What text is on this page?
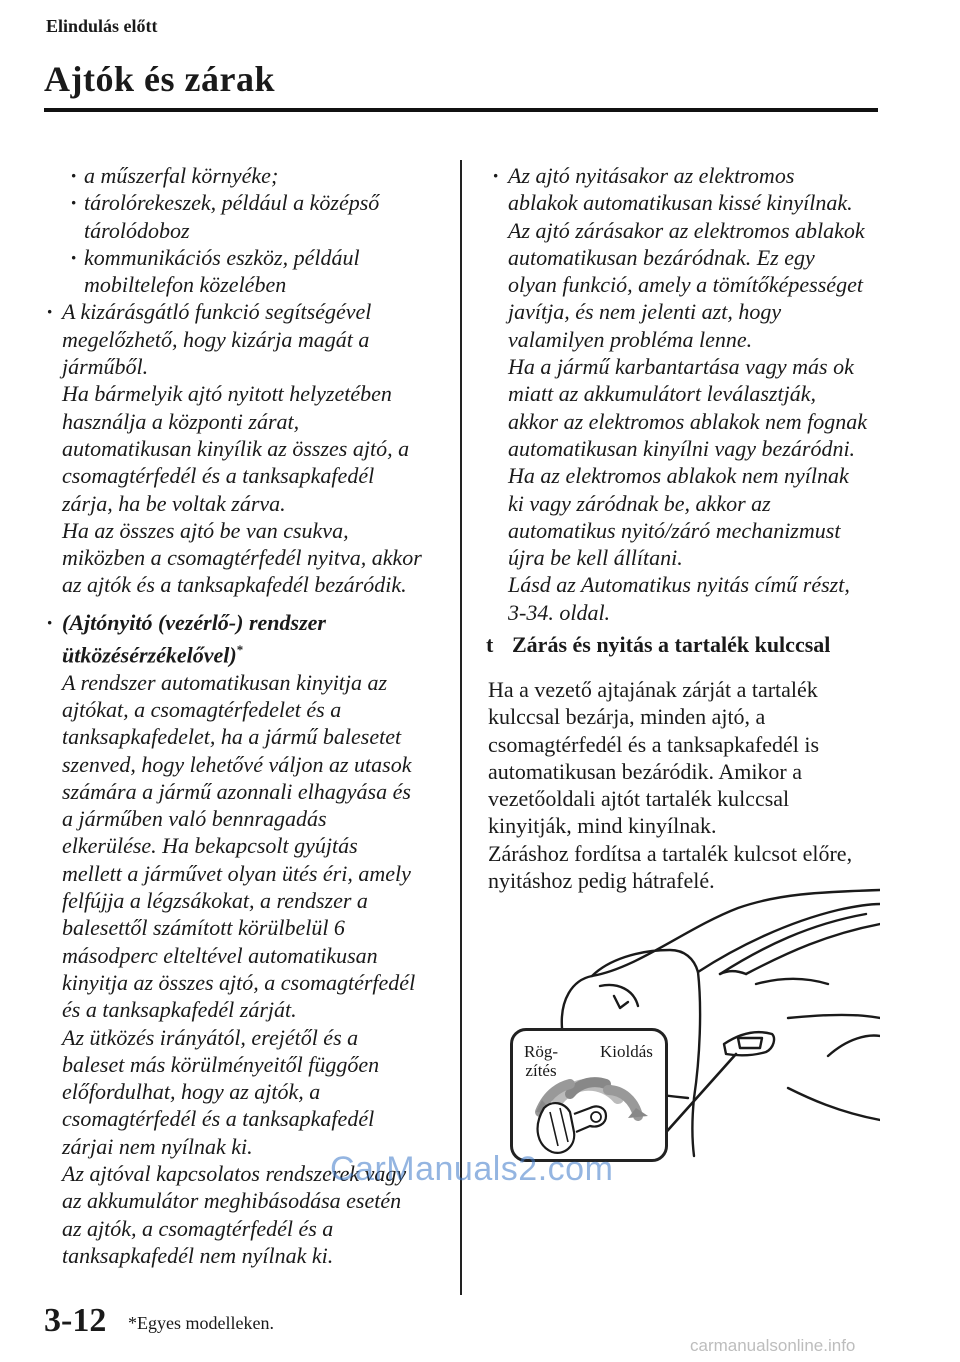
Elindulás előtt
Ajtók és zárak

· a műszerfal környéke;

· tárolórekeszek, például a középső

tárolódoboz

· kommunikációs eszköz, például

mobiltelefon közelében

· A kizárásgátló funkció segítségével

megelőzhető, hogy kizárja magát a

járműből.

Ha bármelyik ajtó nyitott helyzetében

használja a központi zárat,

automatikusan kinyílik az összes ajtó, a

csomagtérfedél és a tanksapkafedél

zárja, ha be voltak zárva.

Ha az összes ajtó be van csukva,

miközben a csomagtérfedél nyitva, akkor

az ajtók és a tanksapkafedél bezáródik.

· (Ajtónyitó (vezérlő-) rendszer

ütközésérzékelővel)*

A rendszer automatikusan kinyitja az

ajtókat, a csomagtérfedelet és a

tanksapkafedelet, ha a jármű balesetet

szenved, hogy lehetővé váljon az utasok

számára a jármű azonnali elhagyása és

a járműben való bennragadás

elkerülése. Ha bekapcsolt gyújtás

mellett a járművet olyan ütés éri, amely

felfújja a légzsákokat, a rendszer a

balesettől számított körülbelül 6

másodperc elteltével automatikusan

kinyitja az összes ajtó, a csomagtérfedél

és a tanksapkafedél zárját.

Az ütközés irányától, erejétől és a

baleset más körülményeitől függően

előfordulhat, hogy az ajtók, a

csomagtérfedél és a tanksapkafedél

zárjai nem nyílnak ki.

Az ajtóval kapcsolatos rendszerek vagy

az akkumulátor meghibásodása esetén

az ajtók, a csomagtérfedél és a

tanksapkafedél nem nyílnak ki.

· Az ajtó nyitásakor az elektromos

ablakok automatikusan kissé kinyílnak.

Az ajtó zárásakor az elektromos ablakok

automatikusan bezáródnak. Ez egy

olyan funkció, amely a tömítőképességet

javítja, és nem jelenti azt, hogy

valamilyen probléma lenne.

Ha a jármű karbantartása vagy más ok

miatt az akkumulátort leválasztják,

akkor az elektromos ablakok nem fognak

automatikusan kinyílni vagy bezáródni.

Ha az elektromos ablakok nem nyílnak

ki vagy záródnak be, akkor az

automatikus nyitó/záró mechanizmust

újra be kell állítani.

Lásd az Automatikus nyitás című részt,

3-34. oldal.

t Zárás és nyitás a tartalék kulccsal

Ha a vezető ajtajának zárját a tartalék

kulccsal bezárja, minden ajtó, a

csomagtérfedél és a tanksapkafedél is

automatikusan bezáródik. Amikor a

vezetőoldali ajtót tartalék kulccsal

kinyitják, mind kinyílnak.

Záráshoz fordítsa a tartalék kulcsot előre,

nyitáshoz pedig hátrafelé.

Rög-
zítés
Kioldás
CarManuals2.com
3-12 *Egyes modelleken.
carmanualsonline.info
